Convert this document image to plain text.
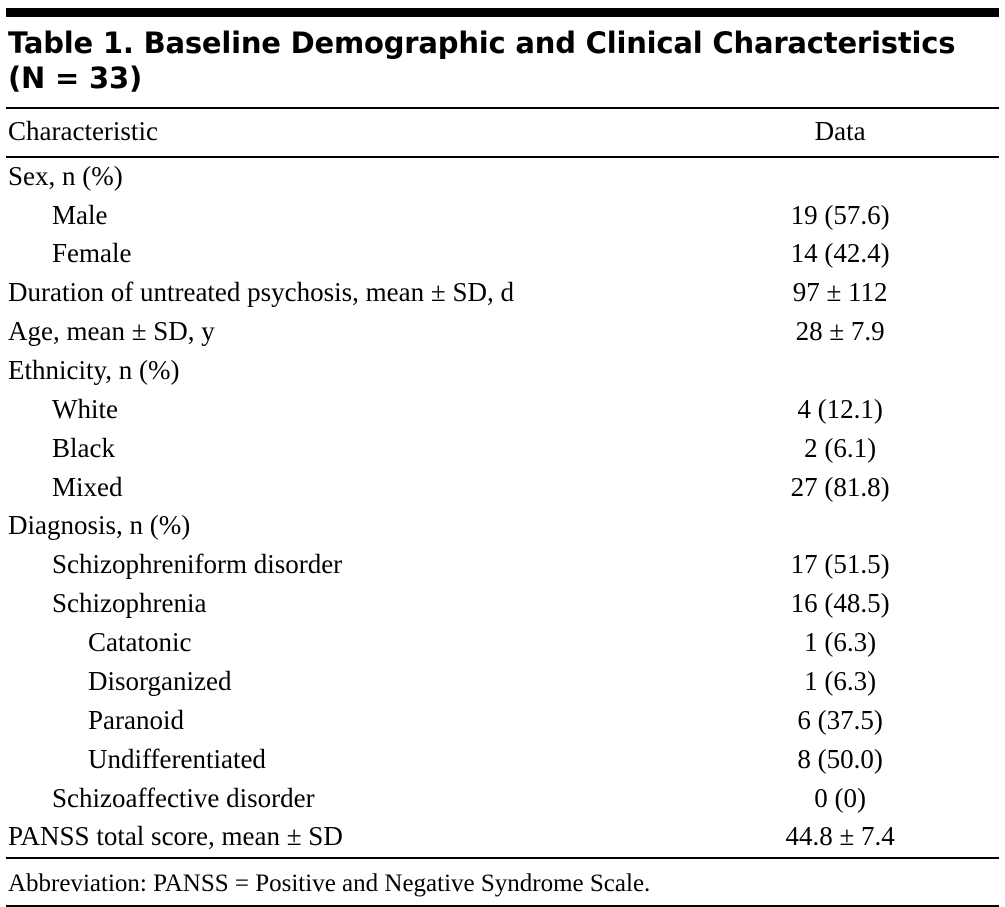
Table 1. Baseline Demographic and Clinical Characteristics (N = 33)
Characteristic	Data
Sex, n (%)	
Male	19 (57.6)
Female	14 (42.4)
Duration of untreated psychosis, mean ± SD, d	97 ± 112
Age, mean ± SD, y	28 ± 7.9
Ethnicity, n (%)	
White	4 (12.1)
Black	2 (6.1)
Mixed	27 (81.8)
Diagnosis, n (%)	
Schizophreniform disorder	17 (51.5)
Schizophrenia	16 (48.5)
Catatonic	1 (6.3)
Disorganized	1 (6.3)
Paranoid	6 (37.5)
Undifferentiated	8 (50.0)
Schizoaffective disorder	0 (0)
PANSS total score, mean ± SD	44.8 ± 7.4
Abbreviation: PANSS = Positive and Negative Syndrome Scale.
